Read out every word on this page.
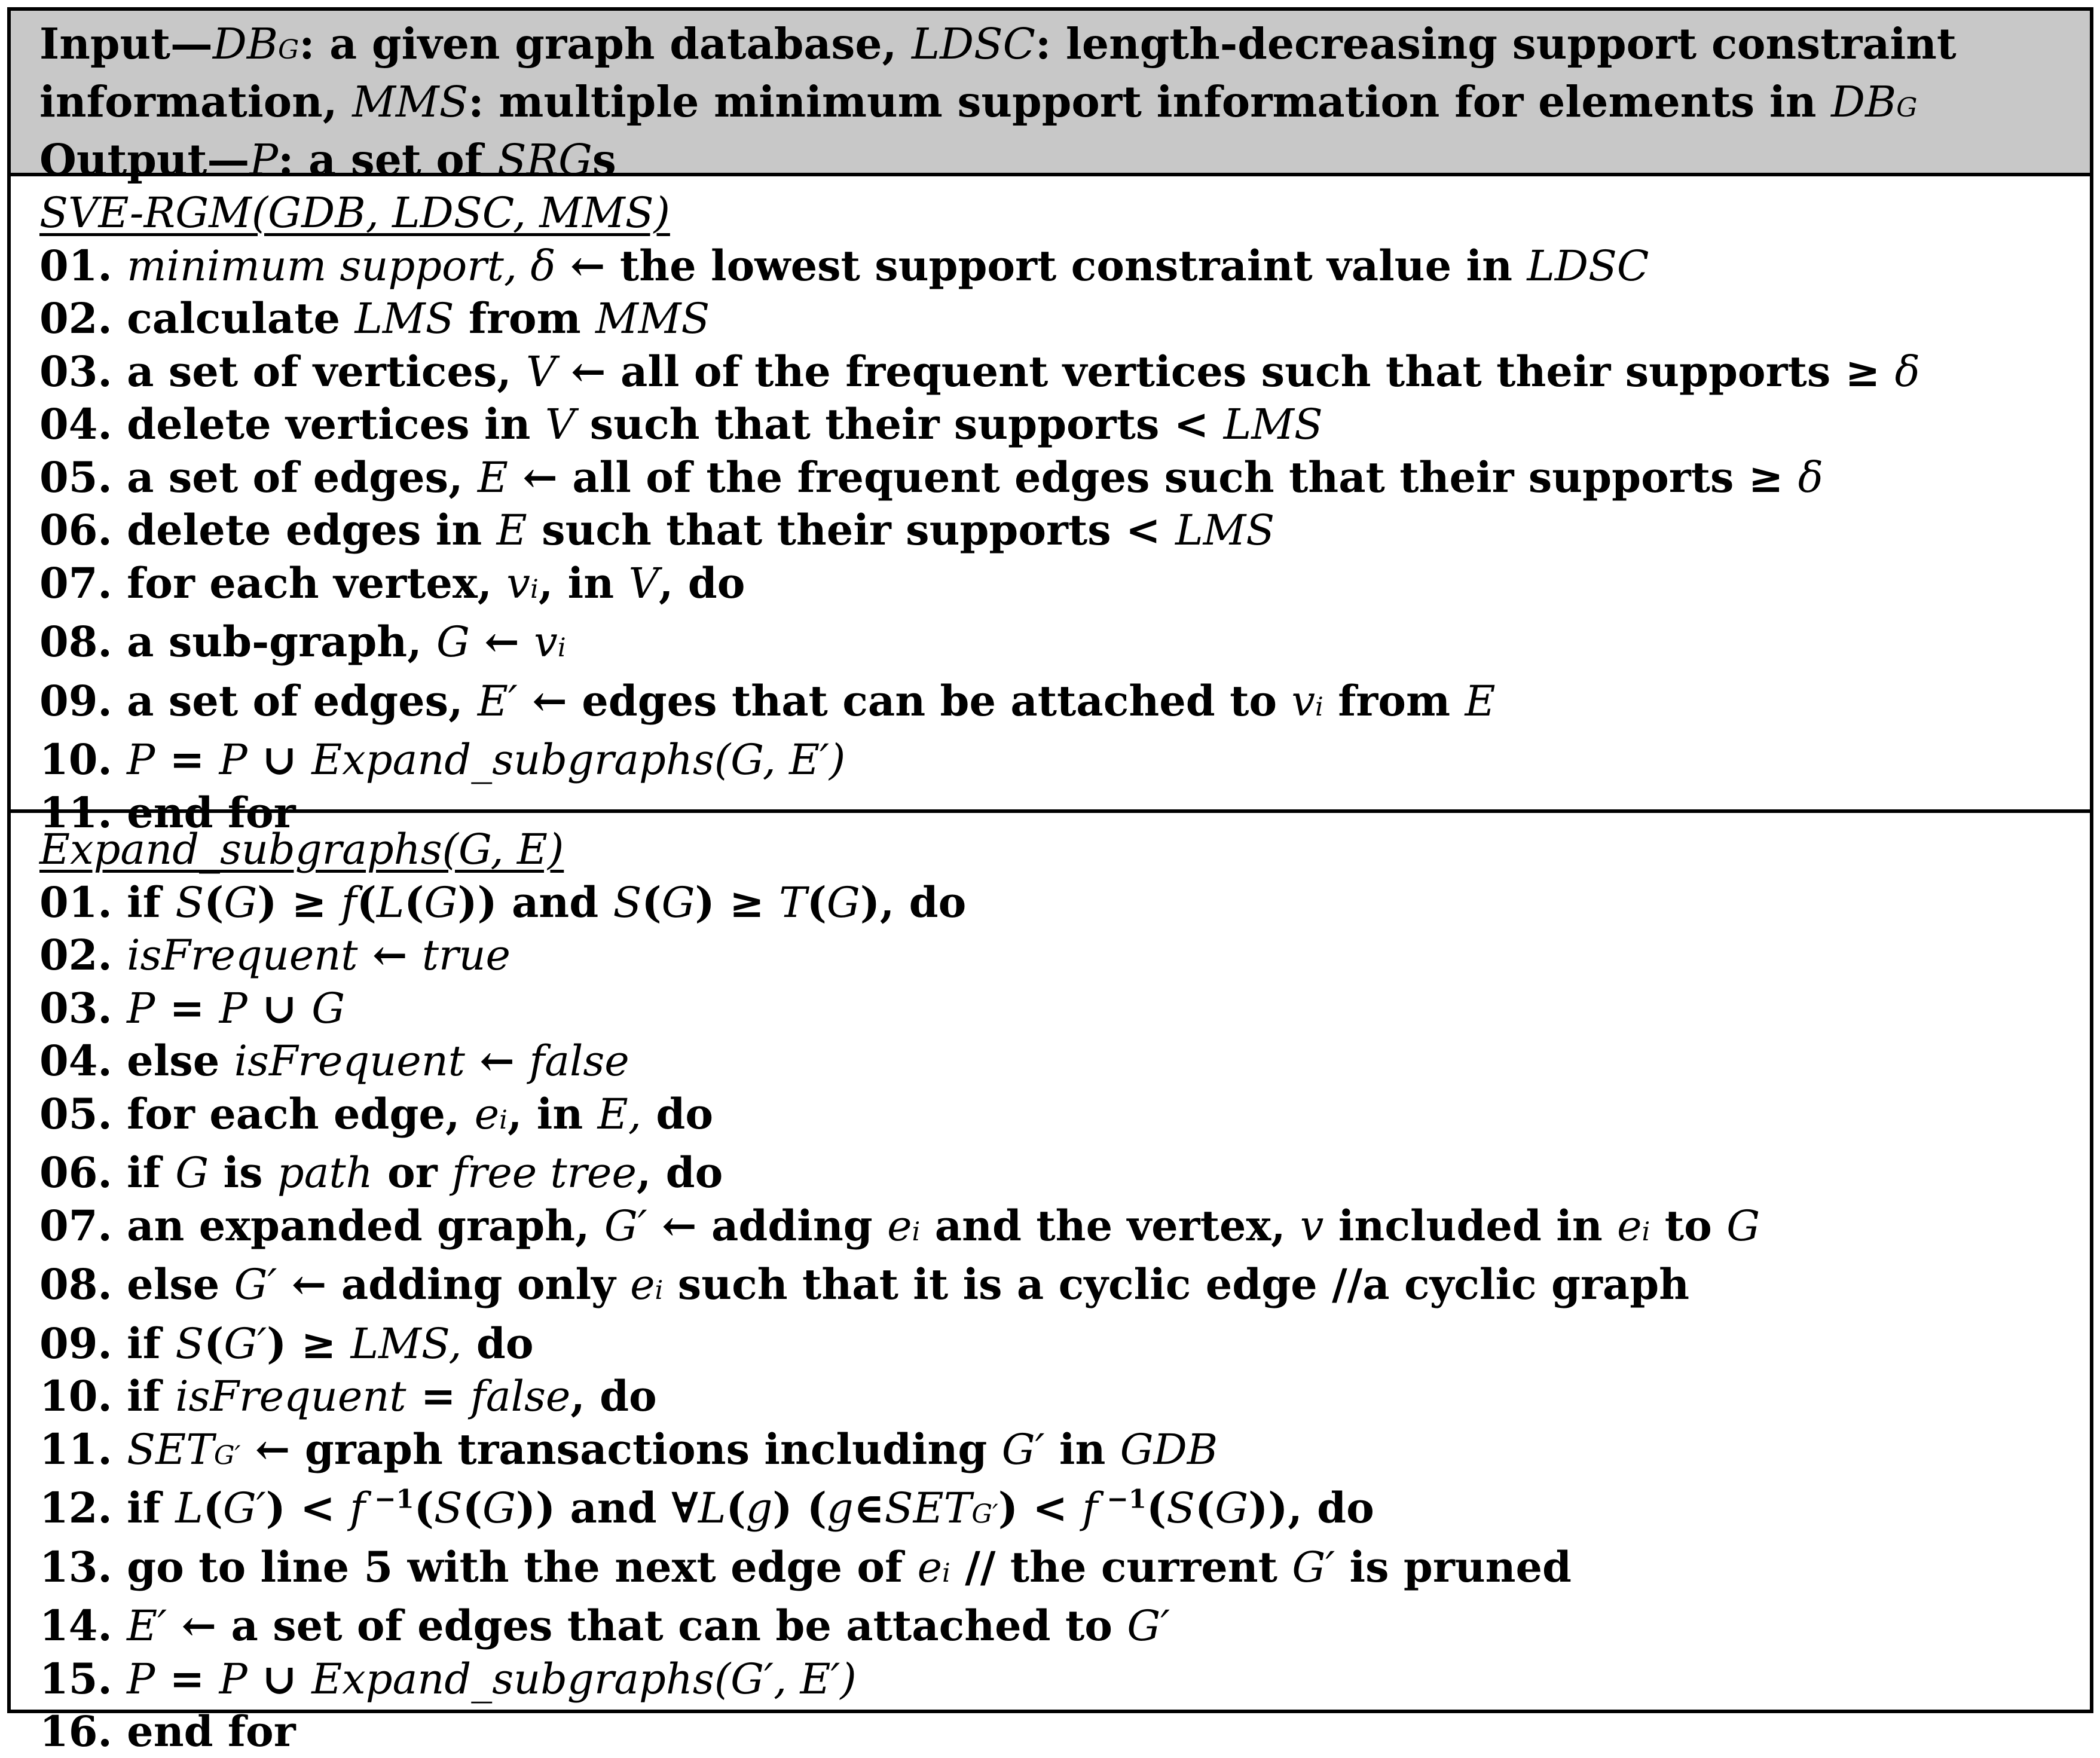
Input—DBG: a given graph database, LDSC: length-decreasing support constraint
information, MMS: multiple minimum support information for elements in DBG
Output—P: a set of SRGs
SVE-RGM(GDB, LDSC, MMS)
01. minimum support, δ ← the lowest support constraint value in LDSC
02. calculate LMS from MMS
03. a set of vertices, V ← all of the frequent vertices such that their supports ≥ δ
04. delete vertices in V such that their supports < LMS
05. a set of edges, E ← all of the frequent edges such that their supports ≥ δ
06. delete edges in E such that their supports < LMS
07. for each vertex, vi, in V, do
08. a sub-graph, G ← vi
09. a set of edges, E′ ← edges that can be attached to vi from E
10. P = P ∪ Expand_subgraphs(G, E′)
11. end for
Expand_subgraphs(G, E)
01. if S(G) ≥ f(L(G)) and S(G) ≥ T(G), do
02. isFrequent ← true
03. P = P ∪ G
04. else isFrequent ← false
05. for each edge, ei, in E, do
06. if G is path or free tree, do
07. an expanded graph, G′ ← adding ei and the vertex, v included in ei to G
08. else G′ ← adding only ei such that it is a cyclic edge //a cyclic graph
09. if S(G′) ≥ LMS, do
10. if isFrequent = false, do
11. SETG′ ← graph transactions including G′ in GDB
12. if L(G′) < f $^{-1}$(S(G)) and ∀L(g) (g∈SETG′) < f $^{-1}$(S(G)), do
13. go to line 5 with the next edge of ei // the current G′ is pruned
14. E′ ← a set of edges that can be attached to G′
15. P = P ∪ Expand_subgraphs(G′, E′)
16. end for
